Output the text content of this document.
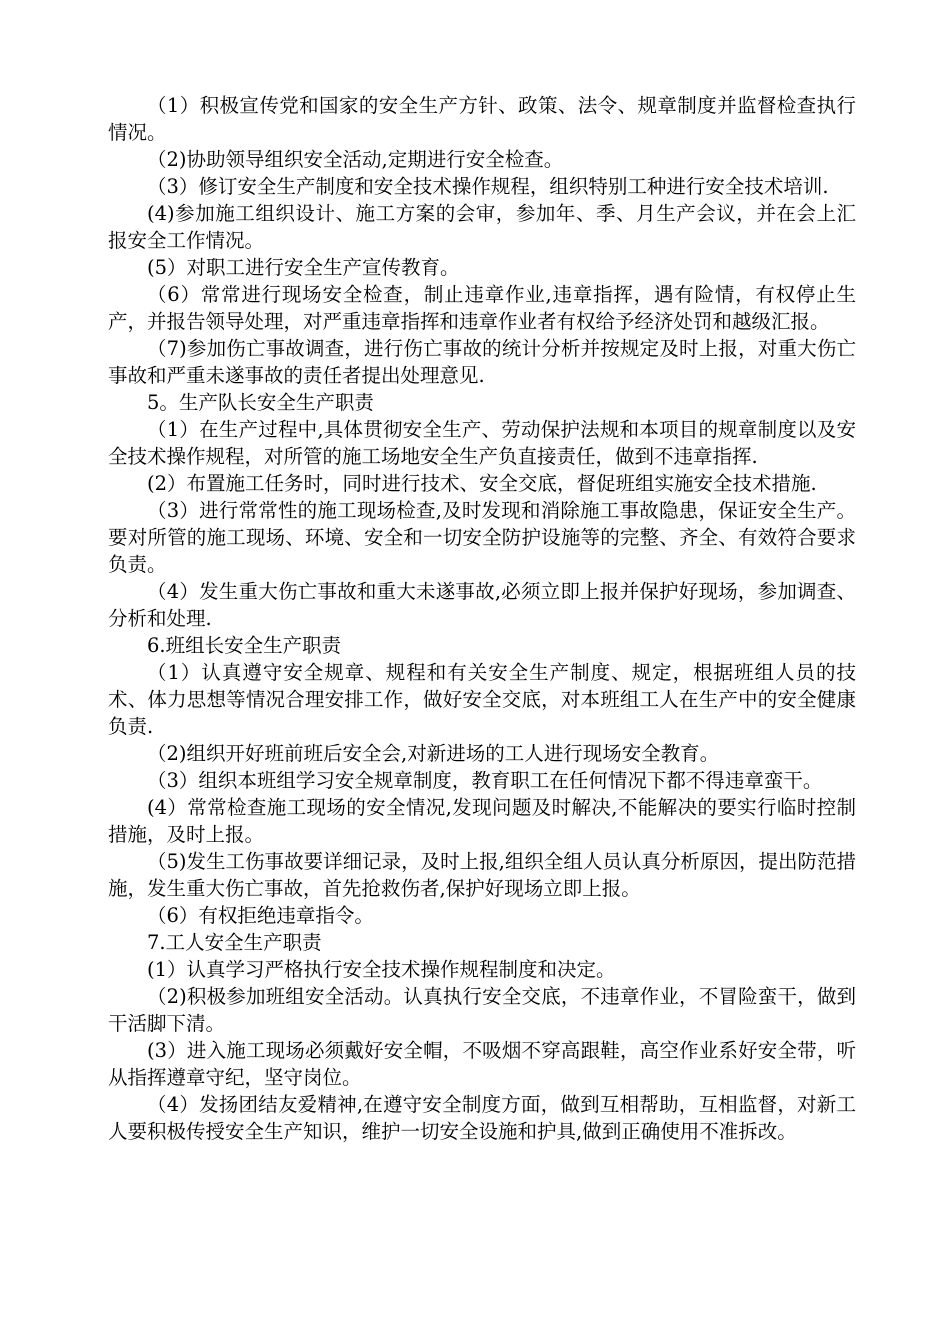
（1）积极宣传党和国家的安全生产方针、政策、法令、规章制度并监督检查执行情况。

（2)协助领导组织安全活动,定期进行安全检查。

（3）修订安全生产制度和安全技术操作规程，组织特别工种进行安全技术培训.

(4)参加施工组织设计、施工方案的会审，参加年、季、月生产会议，并在会上汇报安全工作情况。

(5）对职工进行安全生产宣传教育。

（6）常常进行现场安全检查，制止违章作业,违章指挥，遇有险情，有权停止生产，并报告领导处理，对严重违章指挥和违章作业者有权给予经济处罚和越级汇报。

（7)参加伤亡事故调查，进行伤亡事故的统计分析并按规定及时上报，对重大伤亡事故和严重未遂事故的责任者提出处理意见.

5。生产队长安全生产职责

（1）在生产过程中,具体贯彻安全生产、劳动保护法规和本项目的规章制度以及安全技术操作规程，对所管的施工场地安全生产负直接责任，做到不违章指挥.

(2）布置施工任务时，同时进行技术、安全交底，督促班组实施安全技术措施.

（3）进行常常性的施工现场检查,及时发现和消除施工事故隐患，保证安全生产。要对所管的施工现场、环境、安全和一切安全防护设施等的完整、齐全、有效符合要求负责。

（4）发生重大伤亡事故和重大未遂事故,必须立即上报并保护好现场，参加调查、分析和处理.

6.班组长安全生产职责

（1）认真遵守安全规章、规程和有关安全生产制度、规定，根据班组人员的技术、体力思想等情况合理安排工作，做好安全交底，对本班组工人在生产中的安全健康负责.

（2)组织开好班前班后安全会,对新进场的工人进行现场安全教育。

（3）组织本班组学习安全规章制度，教育职工在任何情况下都不得违章蛮干。

(4）常常检查施工现场的安全情况,发现问题及时解决,不能解决的要实行临时控制措施，及时上报。

（5)发生工伤事故要详细记录，及时上报,组织全组人员认真分析原因，提出防范措施，发生重大伤亡事故，首先抢救伤者,保护好现场立即上报。

（6）有权拒绝违章指令。

7.工人安全生产职责

(1）认真学习严格执行安全技术操作规程制度和决定。

（2)积极参加班组安全活动。认真执行安全交底，不违章作业，不冒险蛮干，做到干活脚下清。

(3）进入施工现场必须戴好安全帽，不吸烟不穿高跟鞋，高空作业系好安全带，听从指挥遵章守纪，坚守岗位。

（4）发扬团结友爱精神,在遵守安全制度方面，做到互相帮助，互相监督，对新工人要积极传授安全生产知识，维护一切安全设施和护具,做到正确使用不准拆改。
